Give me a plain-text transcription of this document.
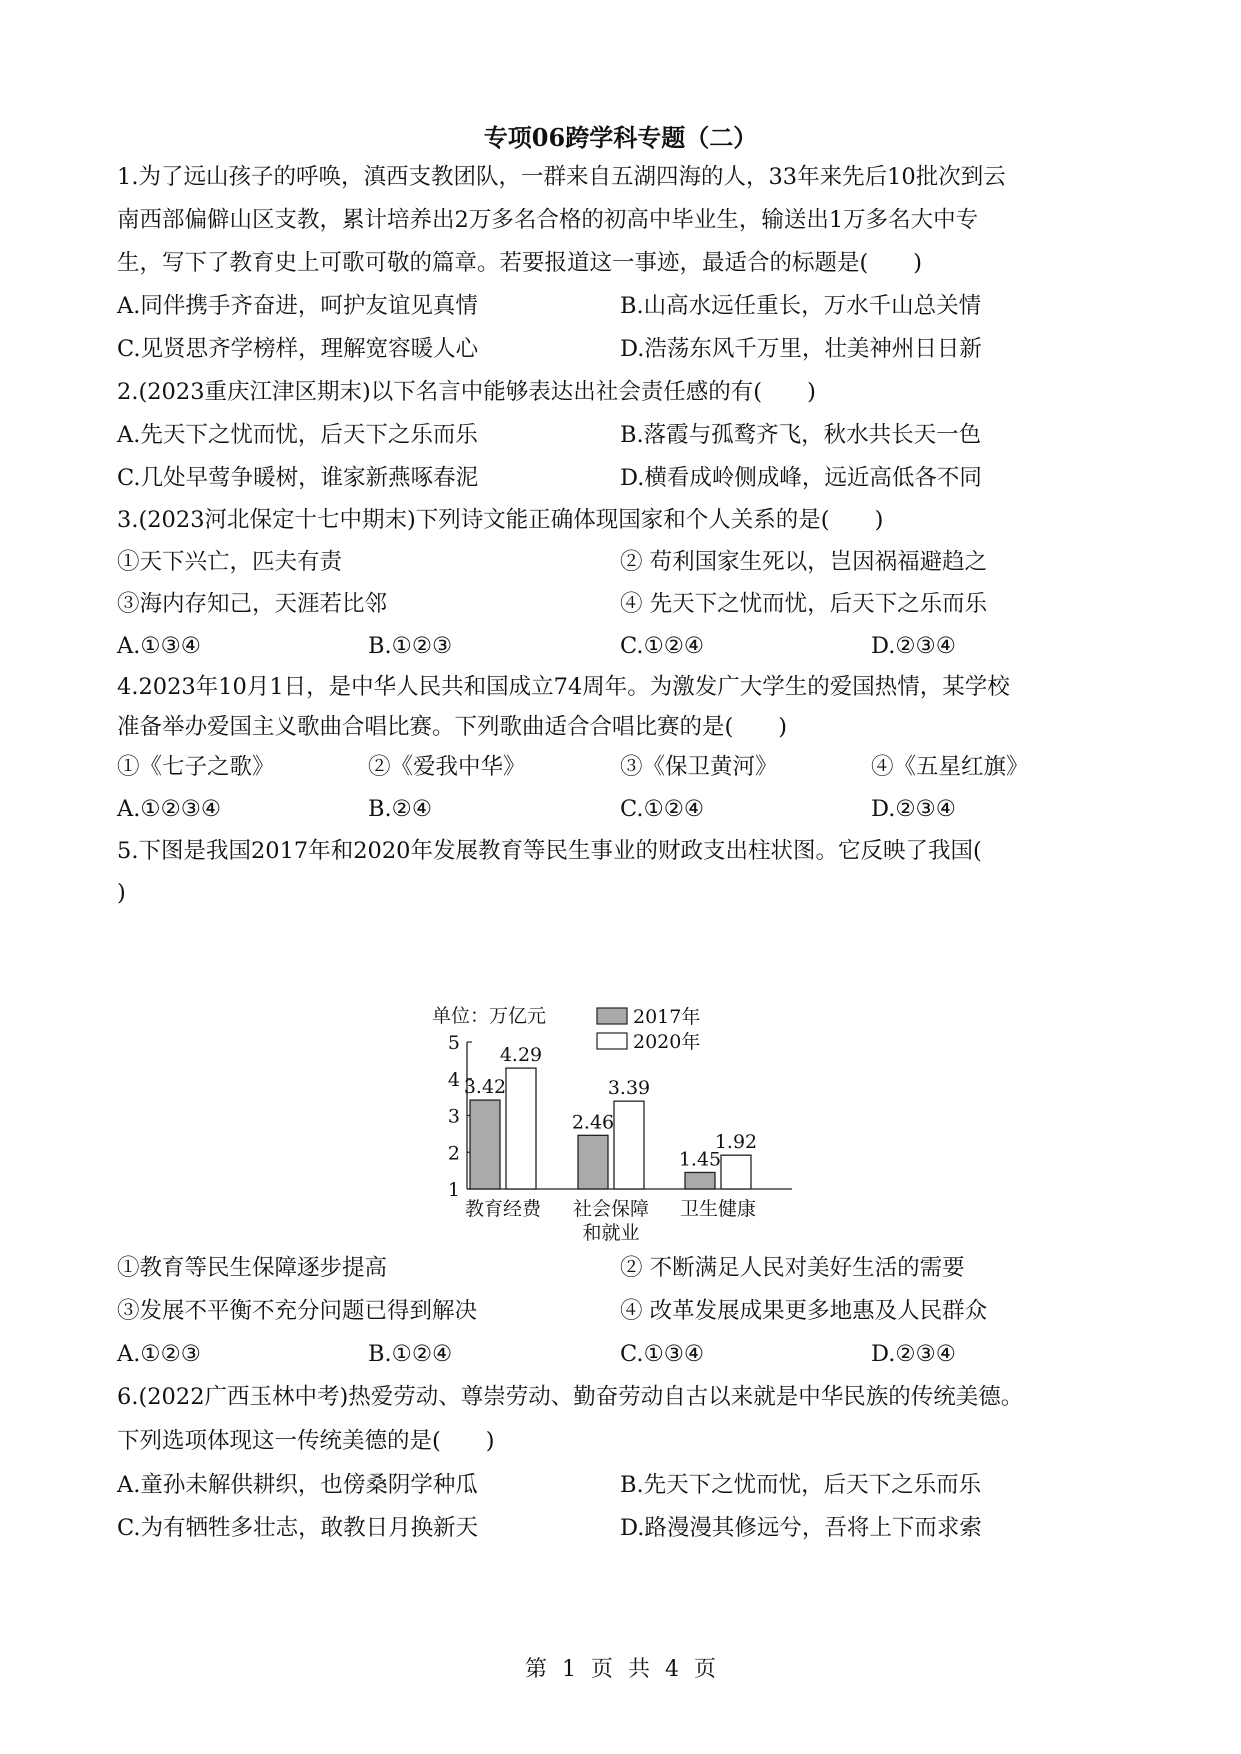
专项06跨学科专题（二）
1.为了远山孩子的呼唤，滇西支教团队，一群来自五湖四海的人，33年来先后10批次到云
南西部偏僻山区支教，累计培养出2万多名合格的初高中毕业生，输送出1万多名大中专
生，写下了教育史上可歌可敬的篇章。若要报道这一事迹，最适合的标题是(　　)
A.同伴携手齐奋进，呵护友谊见真情	B.山高水远任重长，万水千山总关情
C.见贤思齐学榜样，理解宽容暖人心	D.浩荡东风千万里，壮美神州日日新
2.(2023重庆江津区期末)以下名言中能够表达出社会责任感的有(　　)
A.先天下之忧而忧，后天下之乐而乐	B.落霞与孤鹜齐飞，秋水共长天一色
C.几处早莺争暖树，谁家新燕啄春泥	D.横看成岭侧成峰，远近高低各不同
3.(2023河北保定十七中期末)下列诗文能正确体现国家和个人关系的是(　　)
①天下兴亡，匹夫有责	② 苟利国家生死以，岂因祸福避趋之
③海内存知己，天涯若比邻	④ 先天下之忧而忧，后天下之乐而乐
A.①③④	B.①②③	C.①②④	D.②③④
4.2023年10月1日，是中华人民共和国成立74周年。为激发广大学生的爱国热情，某学校
准备举办爱国主义歌曲合唱比赛。下列歌曲适合合唱比赛的是(　　)
①《七子之歌》	②《爱我中华》	③《保卫黄河》	④《五星红旗》
A.①②③④	B.②④	C.①②④	D.②③④
5.下图是我国2017年和2020年发展教育等民生事业的财政支出柱状图。它反映了我国(
)
单位：万亿元
1
2
3
4
5
3.42
4.29
教育经费
2.46
3.39
社会保障
和就业
1.45
1.92
卫生健康
2017年
2020年
①教育等民生保障逐步提高	② 不断满足人民对美好生活的需要
③发展不平衡不充分问题已得到解决	④ 改革发展成果更多地惠及人民群众
A.①②③	B.①②④	C.①③④	D.②③④
6.(2022广西玉林中考)热爱劳动、尊崇劳动、勤奋劳动自古以来就是中华民族的传统美德。
下列选项体现这一传统美德的是(　　)
A.童孙未解供耕织，也傍桑阴学种瓜	B.先天下之忧而忧，后天下之乐而乐
C.为有牺牲多壮志，敢教日月换新天	D.路漫漫其修远兮，吾将上下而求索
第 1 页 共 4 页
